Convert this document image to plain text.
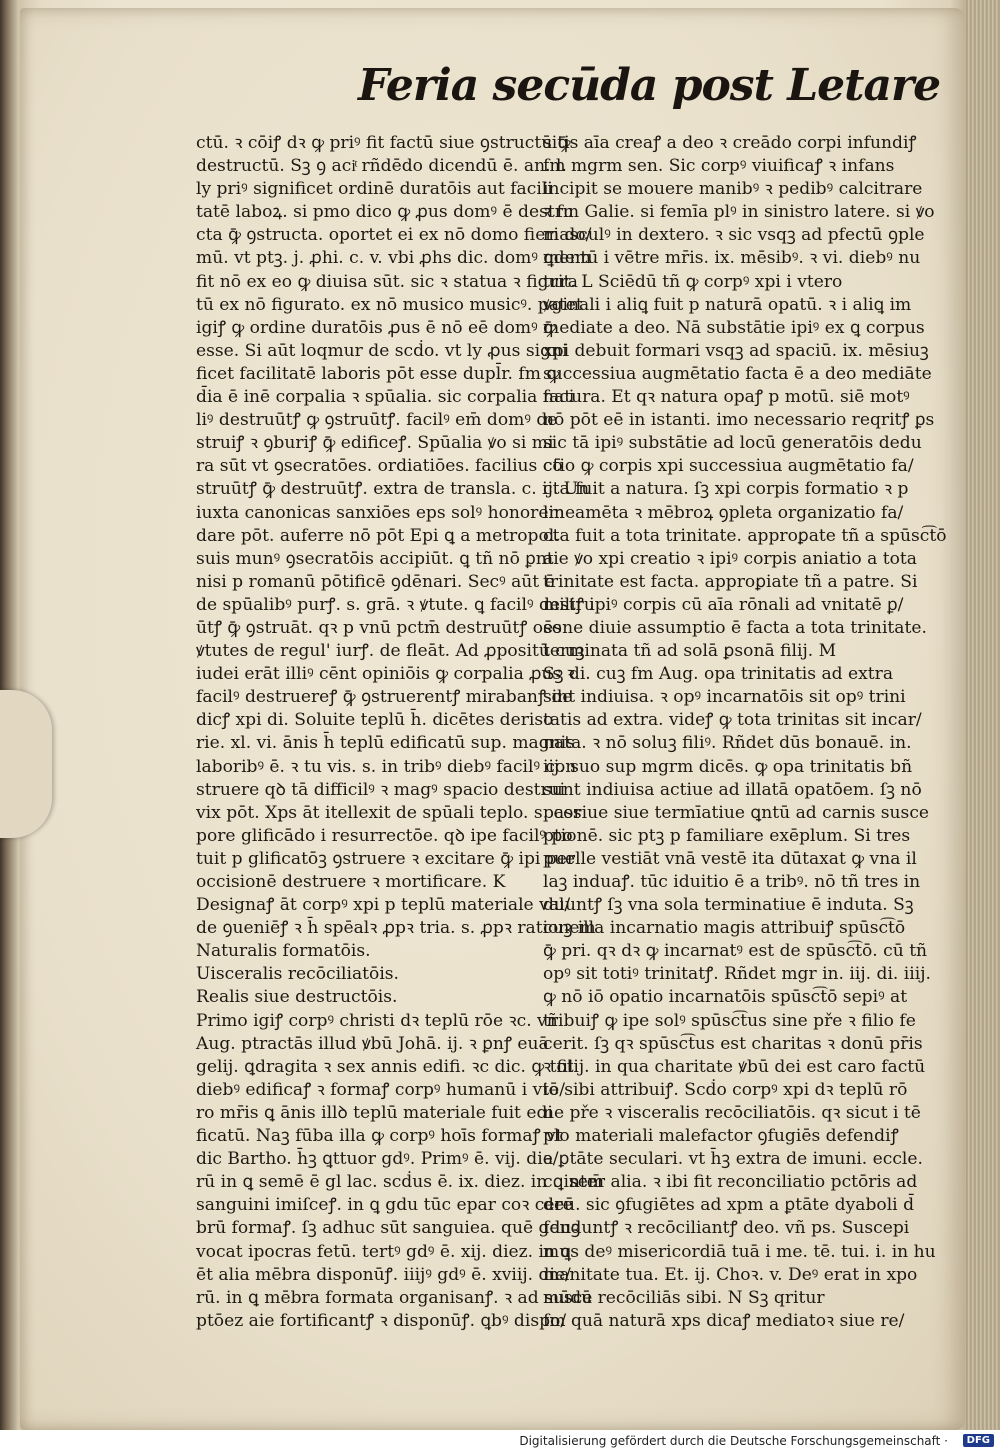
Feria secūda post Letare
ctū. ꝛ cōiꝭ dꝛ ꝙ priꝰ fit factū siue ꝯstructū ꝙ̄
destructū. Sꝫ ꝯ aciͭ rñdēdo dicendū ē. an. l.
ly priꝰ significet ordinē duratōis aut facili
tatē laboꝝ. si pmo dico ꝙ ꝓus domꝰ ē destru
cta ꝙ̄ ꝯstructa. oportet ei ex nō domo fieri do/
mū. vt ptꝫ. j. ꝓhi. c. v. vbi ꝓhs dic. domꝰ ꝗdem
fit nō ex eo ꝙ diuisa sūt. sic ꝛ statua ꝛ figura
tū ex nō figurato. ex nō musico musicꝰ. patet
igiꝭ ꝙ ordine duratōis ꝓus ē nō eē domꝰ ꝙ̄
esse. Si aūt loqmur de scḋo. vt ly ꝓus signi
ficet facilitatē laboris pōt esse dupl̄r. fm ꝙ
d̄ia ē inē corpalia ꝛ spūalia. sic corpalia faci
liꝰ destruūtꝭ ꝙ ꝯstruūtꝭ. facilꝰ em̄ domꝰ de
struiꝭ ꝛ ꝯburiꝭ ꝙ̄ edificeꝭ. Spūalia ꝟo si mi
ra sūt vt ꝯsecratōes. ordiatiōes. facilius cō
struūtꝭ ꝙ̄ destruūtꝭ. extra de transla. c. ij. Un
iuxta canonicas sanxiōes eps solꝰ honorem
dare pōt. auferre nō pōt Epi ꝗ a metropol.
suis munꝰ ꝯsecratōis accipiūt. ꝗ tñ nō ꝑnt
nisi p romanū pōtificē ꝯdēnari. Secꝰ aūt ē
de spūalibꝰ purꝭ. s. grā. ꝛ ꝟtute. ꝗ facilꝰ destru
ūtꝭ ꝙ̄ ꝯstruāt. qꝛ p vnū pctm̄ destruūtꝭ oēs
ꝟtutes de regul' iurꝭ. de fleāt. Ad ꝓpositū cuꝫ
iudei erāt illiꝰ cēnt opiniōis ꝙ corpalia ꝓus ꝛ
facilꝰ destruereꝭ ꝙ̄ ꝯstruerentꝭ mirabanꝭ de
dicꝭ xpi di. Soluite teplū h̄. dicētes deriso
rie. xl. vi. ānis h̄ teplū edificatū sup. magnis
laboribꝰ ē. ꝛ tu vis. s. in tribꝰ diebꝰ facilꝰ con
struere qꝺ tā difficilꝰ ꝛ magꝰ spacio destrui
vix pōt. Xps āt itellexit de spūali teplo. s. cor
pore glificādo i resurrectōe. qꝺ ipe facilꝰ po
tuit p glificatōꝫ ꝯstruere ꝛ excitare ꝙ̄ ipi per
occisionē destruere ꝛ mortificare. K
Designaꝭ āt corpꝰ xpi p teplū materiale val/
de ꝯueniēꝭ ꝛ h̄ spēalꝛ ꝓpꝛ tria. s. ꝓpꝛ rationem
Naturalis formatōis.
Uisceralis recōciliatōis.
Realis siue destructōis.
Primo igiꝭ corpꝰ christi dꝛ teplū rōe ꝛc. vñ
Aug. ptractās illud ꝟbū Johā. ij. ꝛ ꝑnꝭ euā
gelij. ꝗdragita ꝛ sex annis edifi. ꝛc dic. ꝙ tot
diebꝰ edificaꝭ ꝛ formaꝭ corpꝰ humanū i vte/
ro mr̄is ꝗ ānis illꝺ teplū materiale fuit edi
ficatū. Naꝫ fūba illa ꝙ corpꝰ hoīs formaꝭ vt
dic Bartho. h̄ꝫ ꝗttuor gdꝰ. Primꝰ ē. vij. die/
rū in ꝗ semē ē gl lac. scḋus ē. ix. diez. in ꝗ sem̄
sanguini imiſceꝭ. in ꝗ gdu tūc epar coꝛ cere
brū formaꝭ. ſꝫ adhuc sūt sanguiea. quē gduꝫ
vocat ipocras fetū. tertꝰ gdꝰ ē. xij. diez. in ꝗ
ēt alia mēbra disponūꝭ. iiijꝰ gdꝰ ē. xviij. die/
rū. in ꝗ mēbra formata organisanꝭ. ꝛ ad susce
ptōez aie fortificantꝭ ꝛ disponūꝭ. ꝗbꝰ dispo/
sitis aīa creaꝭ a deo ꝛ creādo corpi infundiꝭ
fm mgrm sen. Sic corpꝰ viuificaꝭ ꝛ infans
incipit se mouere manibꝰ ꝛ pedibꝰ calcitrare
ꝛ fm Galie. si femīa plꝰ in sinistro latere. si ꝟo
masculꝰ in dextero. ꝛ sic vsqꝫ ad pfectū ꝯple
mentū i vētre mr̄is. ix. mēsibꝰ. ꝛ vi. diebꝰ nu
trit. L Sciēdū tñ ꝙ corpꝰ xpi i vtero
ꝟginali i aliꝗ fuit p naturā opatū. ꝛ i aliꝗ im
mediate a deo. Nā substātie ipiꝰ ex ꝗ corpus
xpi debuit formari vsqꝫ ad spaciū. ix. mēsiuꝫ
successiua augmētatio facta ē a deo mediāte
natura. Et qꝛ natura opaꝭ p motū. siē motꝰ
nō pōt eē in istanti. imo necessario reqritꝭ ꝑs
sic tā ipiꝰ substātie ad locū generatōis dedu
ctio ꝙ corpis xpi successiua augmētatio fa/
cta fuit a natura. ſꝫ xpi corpis formatio ꝛ p
lineamēta ꝛ mēbroꝝ ꝯpleta organizatio fa/
cta fuit a tota trinitate. approꝑate tñ a spūsc͡tō
aie ꝟo xpi creatio ꝛ ipiꝰ corpis aniatio a tota
trinitate est facta. approꝑiate tñ a patre. Si
miliꝭ ipiꝰ corpis cū aīa rōnali ad vnitatē ꝑ/
sone diuie assumptio ē facta a tota trinitate.
terminata tñ ad solā ꝑsonā filij. M
Sꝫ di. cuꝫ fm Aug. opa trinitatis ad extra
sint indiuisa. ꝛ opꝰ incarnatōis sit opꝰ trini
tatis ad extra. videꝭ ꝙ tota trinitas sit incar/
nata. ꝛ nō soluꝫ filiꝰ. Rñdet dūs bonauē. in.
iij. suo sup mgrm dicēs. ꝙ opa trinitatis bñ
sunt indiuisa actiue ad illatā opatōem. ſꝫ nō
passiue siue termīatiue ꝗntū ad carnis susce
ptionē. sic ptꝫ p familiare exēplum. Si tres
puelle vestiāt vnā vestē ita dūtaxat ꝙ vna il
laꝫ induaꝭ. tūc iduitio ē a tribꝰ. nō tñ tres in
duuntꝭ ſꝫ vna sola terminatiue ē induta. Sꝫ
cuꝫ illa incarnatio magis attribuiꝭ spūsc͡tō
ꝙ̄ pri. qꝛ dꝛ ꝙ incarnatꝰ est de spūsc͡tō. cū tñ
opꝰ sit totiꝰ trinitatꝭ. Rñdet mgr in. iij. di. iiij.
ꝙ nō iō opatio incarnatōis spūsc͡tō sepiꝰ at
tribuiꝭ ꝙ ipe solꝰ spūsc͡tus sine pře ꝛ filio fe
cerit. ſꝫ qꝛ spūsc͡tus est charitas ꝛ donū pr̄is
ꝛ filij. in qua charitate ꝟbū dei est caro factū
iō sibi attribuiꝭ. Scḋo corpꝰ xpi dꝛ teplū rō
ne pře ꝛ visceralis recōciliatōis. qꝛ sicut i tē
plo materiali malefactor ꝯfugiēs defendiꝭ
a ꝑtāte seculari. vt h̄ꝫ extra de imuni. eccle.
c. inter alia. ꝛ ibi fit reconciliatio pctōris ad
deū. sic ꝯfugiētes ad xpm a ꝑtāte dyaboli d̄
fenduntꝭ ꝛ recōciliantꝭ deo. vñ ps. Suscepi
mus deꝰ misericordiā tuā i me. tē. tui. i. in hu
manitate tua. Et. ij. Choꝛ. v. Deꝰ erat in xpo
mūdū recōciliās sibi. N Sꝫ qritur
fm quā naturā xps dicaꝭ mediatoꝛ siue re/
Digitalisierung gefördert durch die Deutsche Forschungsgemeinschaft ·	DFG
